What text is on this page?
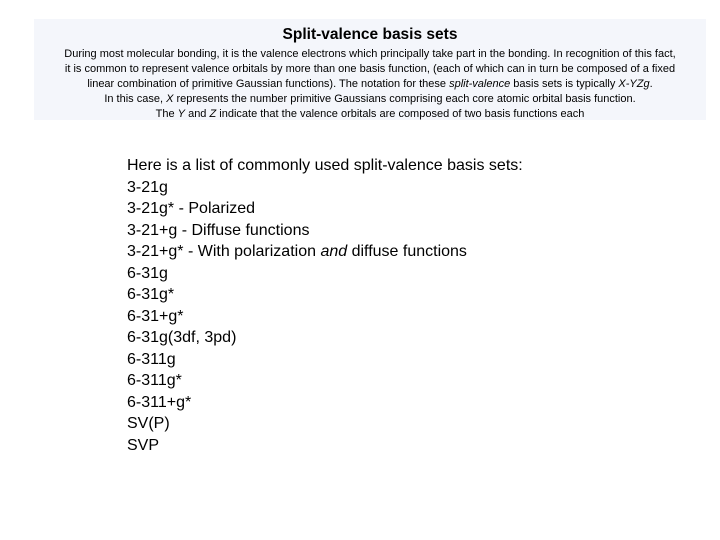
Split-valence basis sets

During most molecular bonding, it is the valence electrons which principally take part in the bonding. In recognition of this fact,
it is common to represent valence orbitals by more than one basis function, (each of which can in turn be composed of a fixed
linear combination of primitive Gaussian functions). The notation for these split-valence basis sets is typically X-YZg.
In this case, X represents the number primitive Gaussians comprising each core atomic orbital basis function.
The Y and Z indicate that the valence orbitals are composed of two basis functions each

Here is a list of commonly used split-valence basis sets:
3-21g
3-21g* - Polarized
3-21+g - Diffuse functions
3-21+g* - With polarization and diffuse functions
6-31g
6-31g*
6-31+g*
6-31g(3df, 3pd)
6-311g
6-311g*
6-311+g*
SV(P)
SVP
